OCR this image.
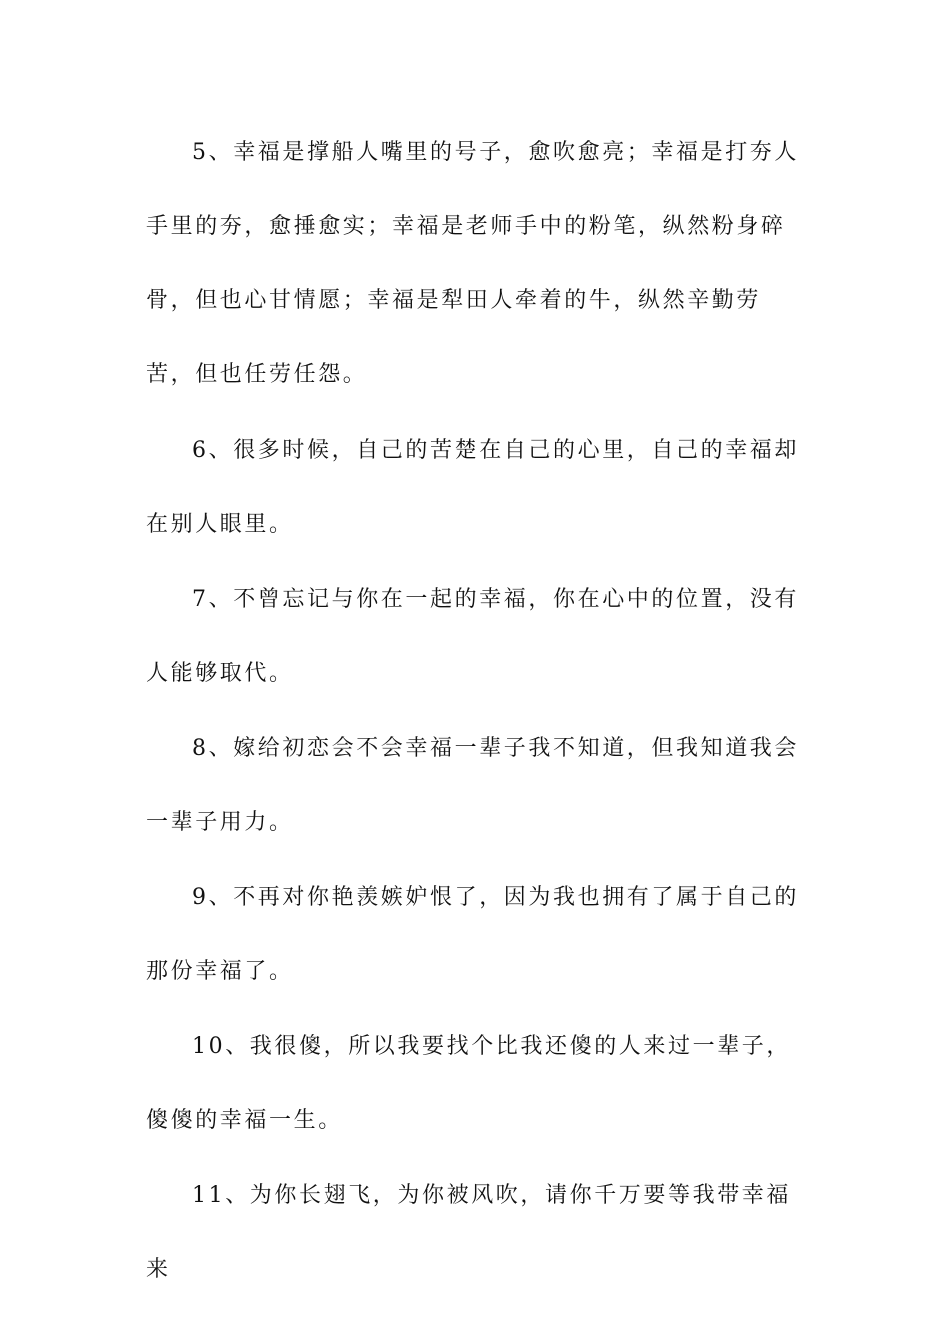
5、幸福是撑船人嘴里的号子，愈吹愈亮；幸福是打夯人手里的夯，愈捶愈实；幸福是老师手中的粉笔，纵然粉身碎骨，但也心甘情愿；幸福是犁田人牵着的牛，纵然辛勤劳苦，但也任劳任怨。

6、很多时候，自己的苦楚在自己的心里，自己的幸福却在别人眼里。

7、不曾忘记与你在一起的幸福，你在心中的位置，没有人能够取代。

8、嫁给初恋会不会幸福一辈子我不知道，但我知道我会一辈子用力。

9、不再对你艳羡嫉妒恨了，因为我也拥有了属于自己的那份幸福了。

10、我很傻，所以我要找个比我还傻的人来过一辈子，傻傻的幸福一生。

11、为你长翅飞，为你被风吹，请你千万要等我带幸福来
